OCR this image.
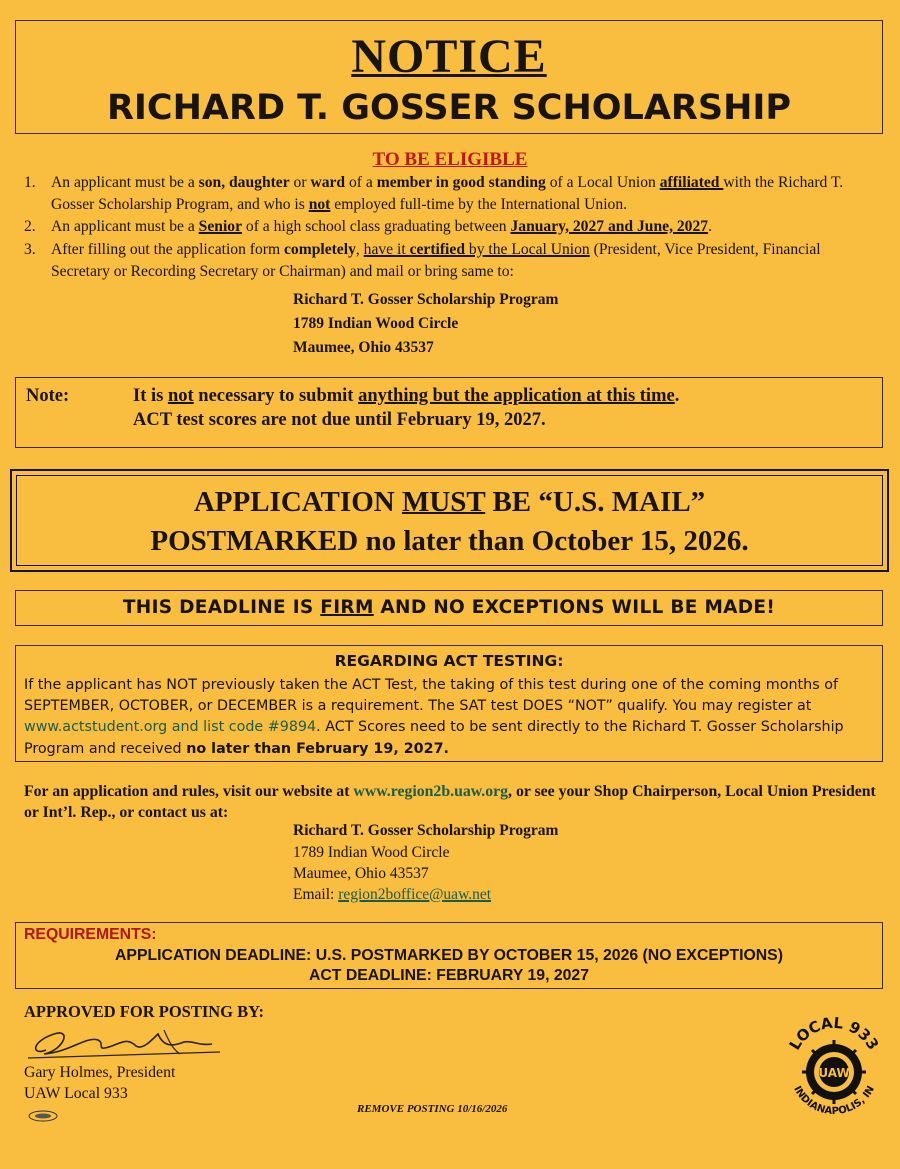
NOTICE
RICHARD T. GOSSER SCHOLARSHIP
TO BE ELIGIBLE
1. An applicant must be a son, daughter or ward of a member in good standing of a Local Union affiliated with the Richard T. Gosser Scholarship Program, and who is not employed full-time by the International Union.
2. An applicant must be a Senior of a high school class graduating between January, 2027 and June, 2027.
3. After filling out the application form completely, have it certified by the Local Union (President, Vice President, Financial Secretary or Recording Secretary or Chairman) and mail or bring same to:
Richard T. Gosser Scholarship Program
1789 Indian Wood Circle
Maumee, Ohio 43537
Note:	It is not necessary to submit anything but the application at this time.
ACT test scores are not due until February 19, 2027.
APPLICATION MUST BE “U.S. MAIL”
POSTMARKED no later than October 15, 2026.
THIS DEADLINE IS FIRM AND NO EXCEPTIONS WILL BE MADE!
REGARDING ACT TESTING:
If the applicant has NOT previously taken the ACT Test, the taking of this test during one of the coming months of SEPTEMBER, OCTOBER, or DECEMBER is a requirement. The SAT test DOES “NOT” qualify. You may register at www.actstudent.org and list code #9894. ACT Scores need to be sent directly to the Richard T. Gosser Scholarship Program and received no later than February 19, 2027.
For an application and rules, visit our website at www.region2b.uaw.org, or see your Shop Chairperson, Local Union President or Int’l. Rep., or contact us at:
Richard T. Gosser Scholarship Program
1789 Indian Wood Circle
Maumee, Ohio 43537
Email: region2boffice@uaw.net
REQUIREMENTS:
APPLICATION DEADLINE: U.S. POSTMARKED BY OCTOBER 15, 2026 (NO EXCEPTIONS)
ACT DEADLINE: FEBRUARY 19, 2027
APPROVED FOR POSTING BY:
Gary Holmes, President
UAW Local 933
REMOVE POSTING 10/16/2026
LOCAL 933
UAW
INDIANAPOLIS, IN
